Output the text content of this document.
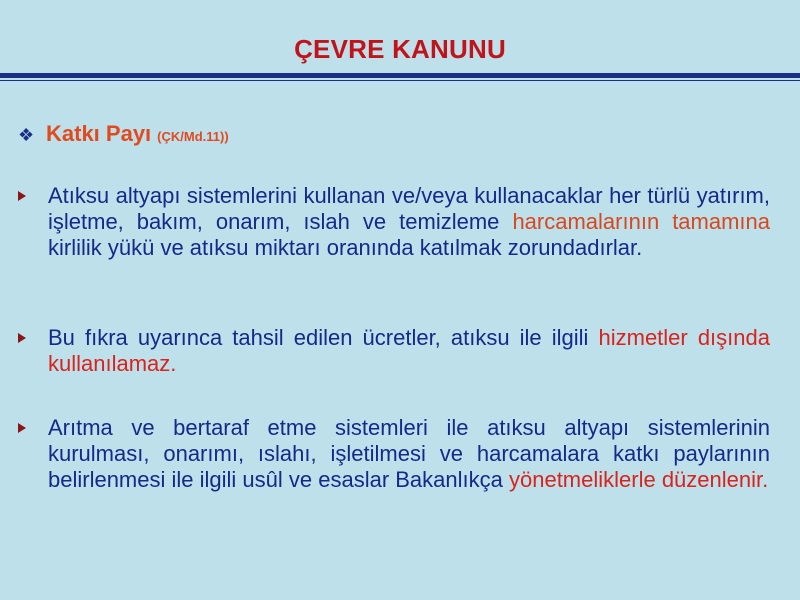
ÇEVRE KANUNU
❖ Katkı Payı (ÇK/Md.11))
Atıksu altyapı sistemlerini kullanan ve/veya kullanacaklar her türlü yatırım, işletme, bakım, onarım, ıslah ve temizleme harcamalarının tamamına kirlilik yükü ve atıksu miktarı oranında katılmak zorundadırlar.
Bu fıkra uyarınca tahsil edilen ücretler, atıksu ile ilgili hizmetler dışında kullanılamaz.
Arıtma ve bertaraf etme sistemleri ile atıksu altyapı sistemlerinin kurulması, onarımı, ıslahı, işletilmesi ve harcamalara katkı paylarının belirlenmesi ile ilgili usûl ve esaslar Bakanlıkça yönetmeliklerle düzenlenir.
